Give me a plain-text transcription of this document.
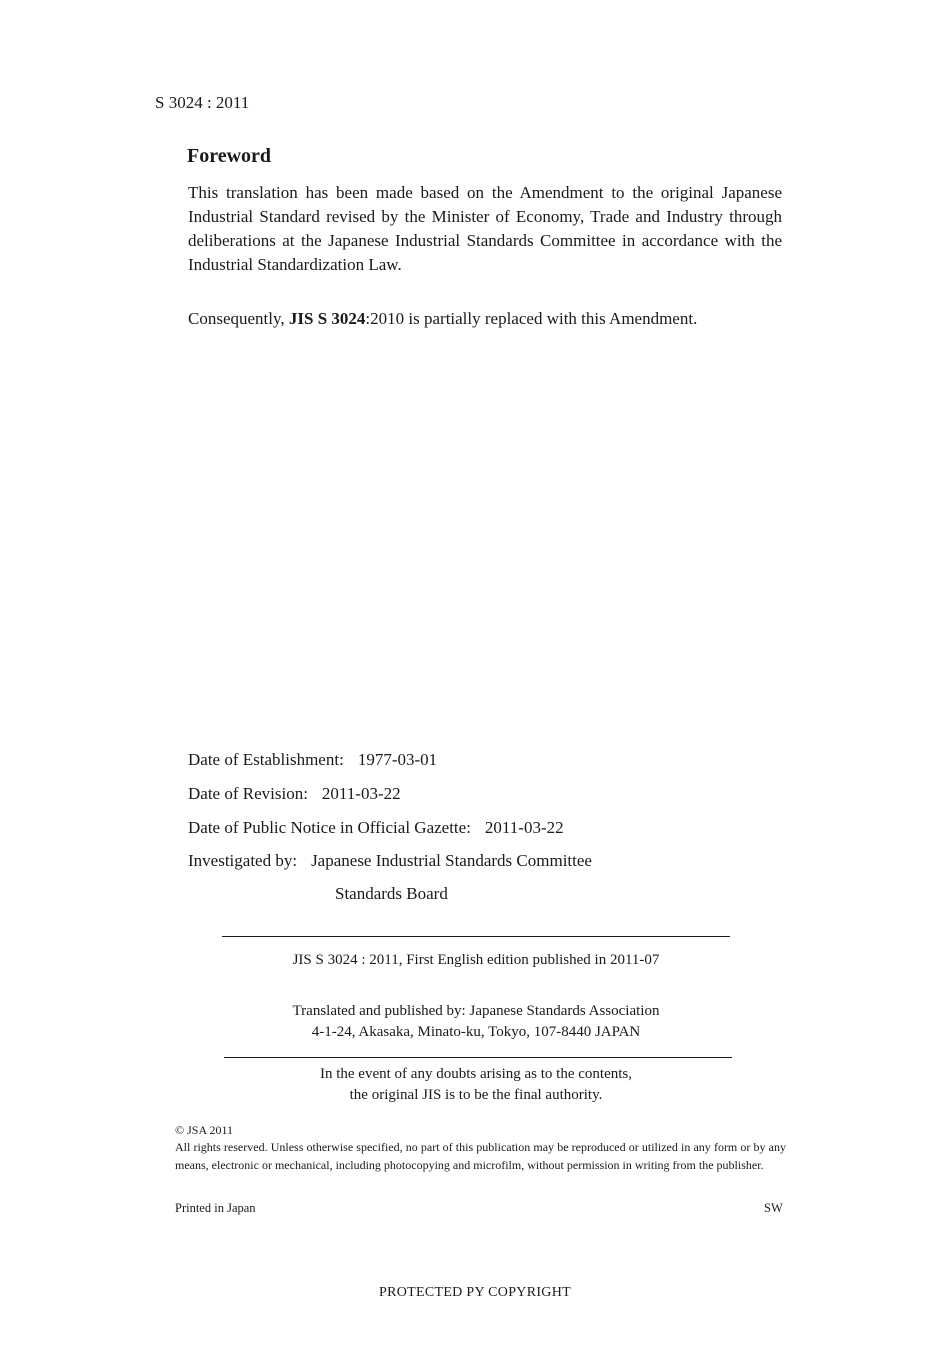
S 3024 : 2011
Foreword
This translation has been made based on the Amendment to the original Japanese Industrial Standard revised by the Minister of Economy, Trade and Industry through deliberations at the Japanese Industrial Standards Committee in accordance with the Industrial Standardization Law.
Consequently, JIS S 3024:2010 is partially replaced with this Amendment.
Date of Establishment: 1977-03-01
Date of Revision: 2011-03-22
Date of Public Notice in Official Gazette: 2011-03-22
Investigated by: Japanese Industrial Standards Committee
Standards Board
JIS S 3024 : 2011, First English edition published in 2011-07
Translated and published by: Japanese Standards Association
4-1-24, Akasaka, Minato-ku, Tokyo, 107-8440 JAPAN
In the event of any doubts arising as to the contents,
the original JIS is to be the final authority.
© JSA 2011
All rights reserved. Unless otherwise specified, no part of this publication may be reproduced or utilized in any form or by any means, electronic or mechanical, including photocopying and microfilm, without permission in writing from the publisher.
Printed in Japan	SW
PROTECTED PY COPYRIGHT
